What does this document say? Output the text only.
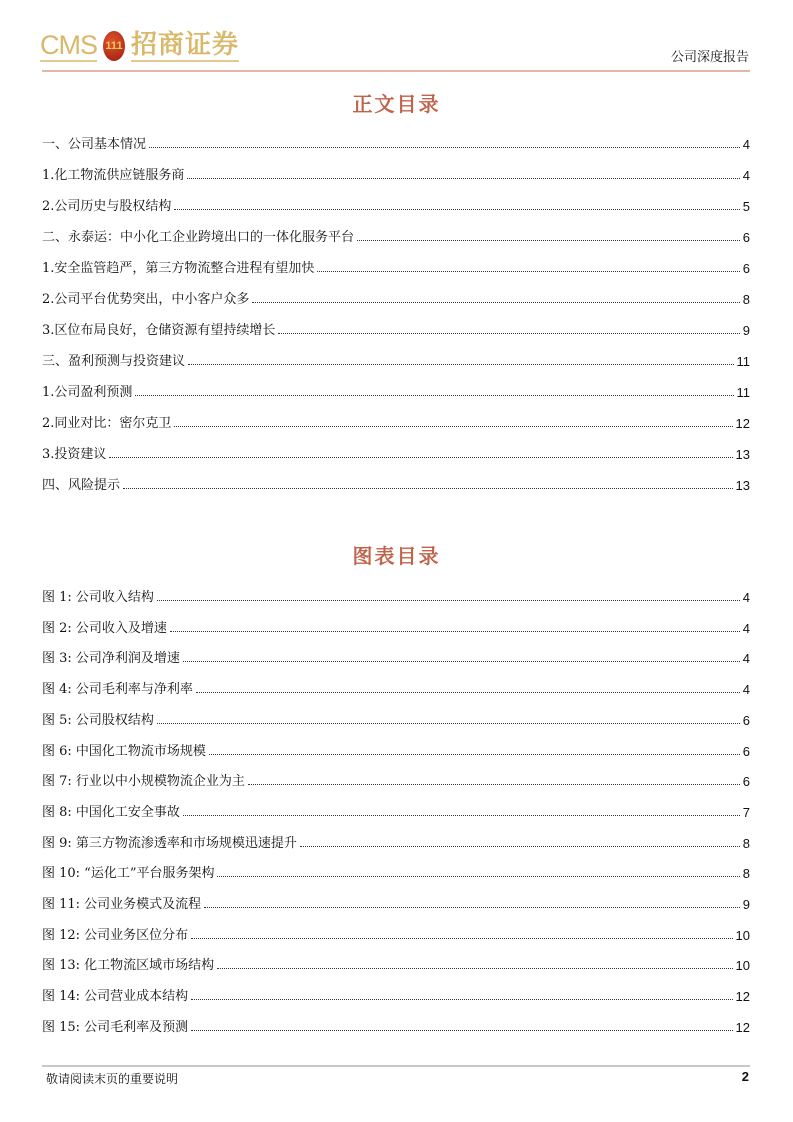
CMS 111 招商证券	公司深度报告
正文目录
一、公司基本情况	4
1.化工物流供应链服务商	4
2.公司历史与股权结构	5
二、永泰运：中小化工企业跨境出口的一体化服务平台	6
1.安全监管趋严，第三方物流整合进程有望加快	6
2.公司平台优势突出，中小客户众多	8
3.区位布局良好，仓储资源有望持续增长	9
三、盈利预测与投资建议	11
1.公司盈利预测	11
2.同业对比：密尔克卫	12
3.投资建议	13
四、风险提示	13
图表目录
图 1: 公司收入结构	4
图 2: 公司收入及增速	4
图 3: 公司净利润及增速	4
图 4: 公司毛利率与净利率	4
图 5: 公司股权结构	6
图 6: 中国化工物流市场规模	6
图 7: 行业以中小规模物流企业为主	6
图 8: 中国化工安全事故	7
图 9: 第三方物流渗透率和市场规模迅速提升	8
图 10: “运化工”平台服务架构	8
图 11: 公司业务模式及流程	9
图 12: 公司业务区位分布	10
图 13: 化工物流区域市场结构	10
图 14: 公司营业成本结构	12
图 15: 公司毛利率及预测	12
敬请阅读末页的重要说明	2
